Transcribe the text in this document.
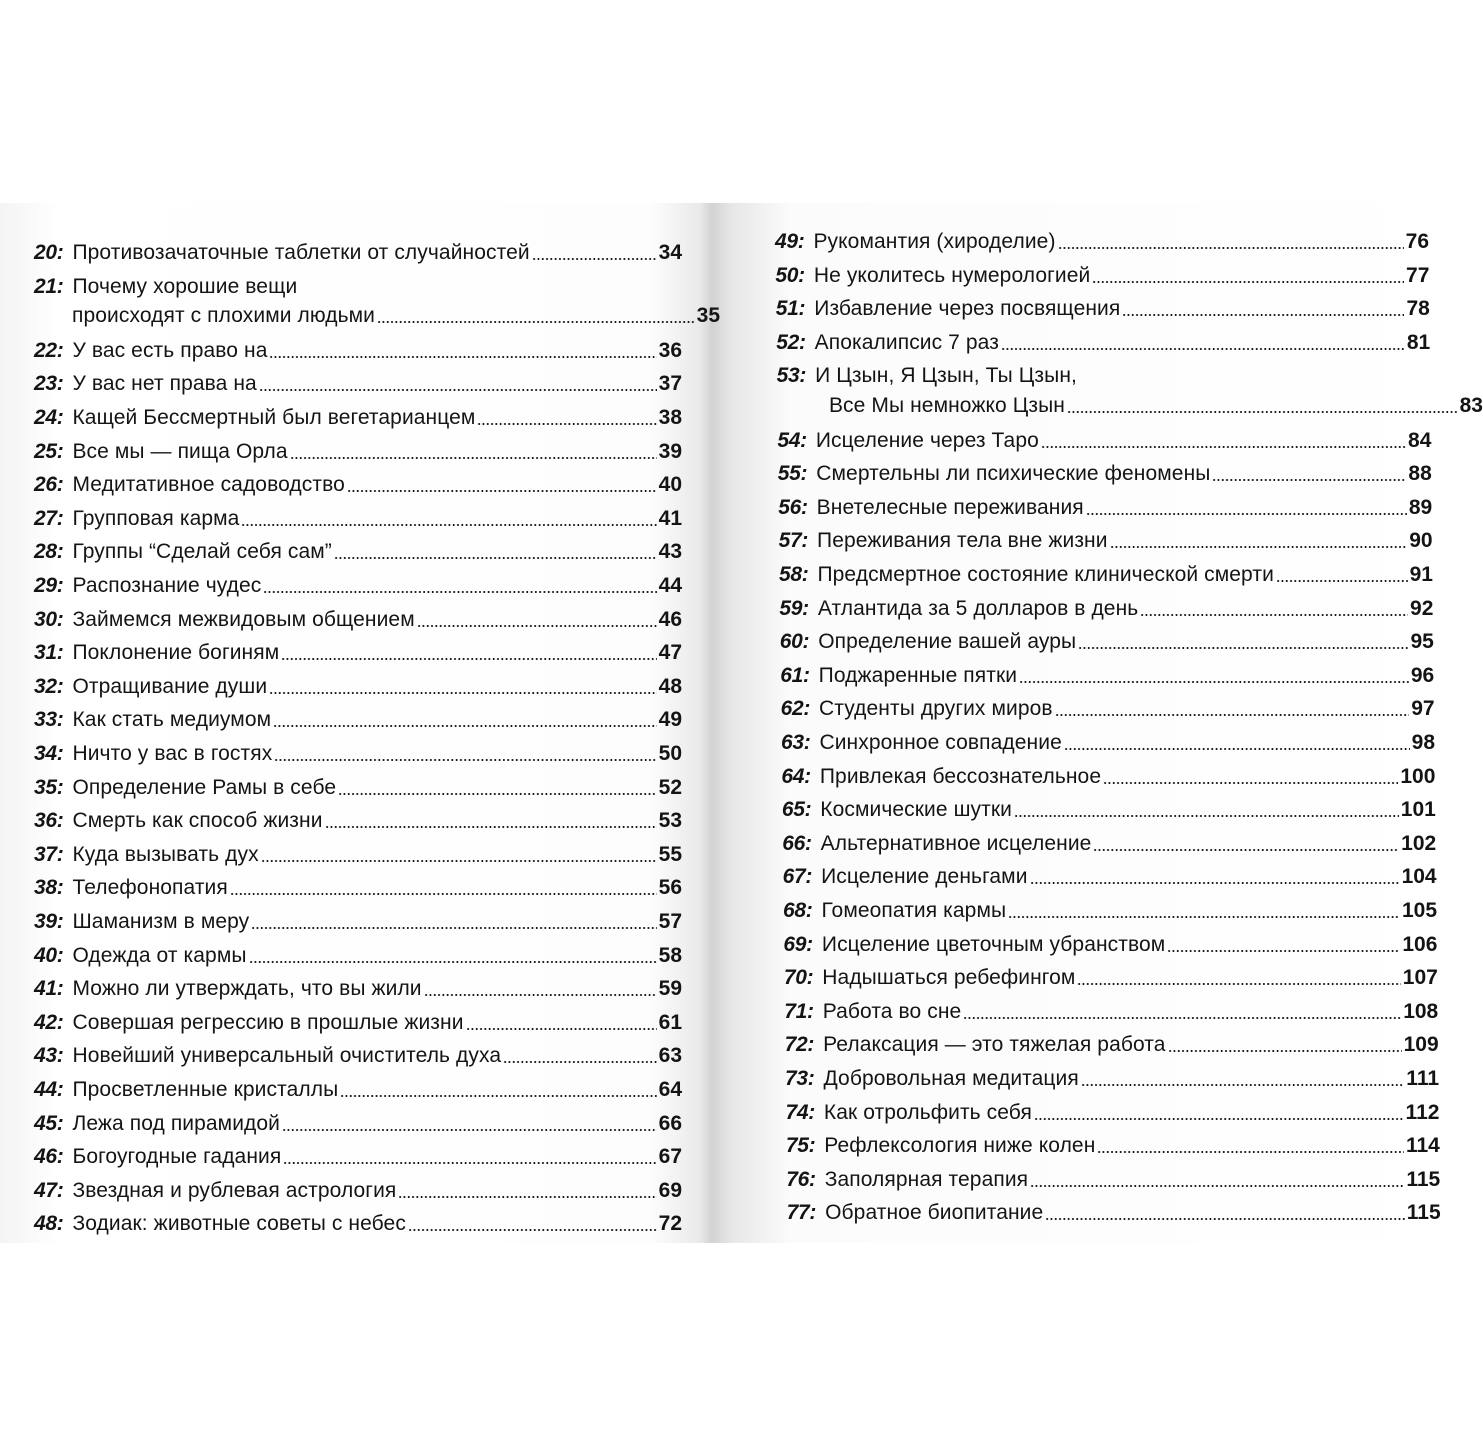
20: Противозачаточные таблетки от случайностей	34
21: Почему хорошие вещи
происходят с плохими людьми	35
22: У вас есть право на	36
23: У вас нет права на	37
24: Кащей Бессмертный был вегетарианцем	38
25: Все мы — пища Орла	39
26: Медитативное садоводство	40
27: Групповая карма	41
28: Группы “Сделай себя сам”	43
29: Распознание чудес	44
30: Займемся межвидовым общением	46
31: Поклонение богиням	47
32: Отращивание души	48
33: Как стать медиумом	49
34: Ничто у вас в гостях	50
35: Определение Рамы в себе	52
36: Смерть как способ жизни	53
37: Куда вызывать дух	55
38: Телефонопатия	56
39: Шаманизм в меру	57
40: Одежда от кармы	58
41: Можно ли утверждать, что вы жили	59
42: Совершая регрессию в прошлые жизни	61
43: Новейший универсальный очиститель духа	63
44: Просветленные кристаллы	64
45: Лежа под пирамидой	66
46: Богоугодные гадания	67
47: Звездная и рублевая астрология	69
48: Зодиак: животные советы с небес	72
49: Рукомантия (хироделие)	76
50: Не уколитесь нумерологией	77
51: Избавление через посвящения	78
52: Апокалипсис 7 раз	81
53: И Цзын, Я Цзын, Ты Цзын,
Все Мы немножко Цзын	83
54: Исцеление через Таро	84
55: Смертельны ли психические феномены	88
56: Внетелесные переживания	89
57: Переживания тела вне жизни	90
58: Предсмертное состояние клинической смерти	91
59: Атлантида за 5 долларов в день	92
60: Определение вашей ауры	95
61: Поджаренные пятки	96
62: Студенты других миров	97
63: Синхронное совпадение	98
64: Привлекая бессознательное	100
65: Космические шутки	101
66: Альтернативное исцеление	102
67: Исцеление деньгами	104
68: Гомеопатия кармы	105
69: Исцеление цветочным убранством	106
70: Надышаться ребефингом	107
71: Работа во сне	108
72: Релаксация — это тяжелая работа	109
73: Добровольная медитация	111
74: Как отрольфить себя	112
75: Рефлексология ниже колен	114
76: Заполярная терапия	115
77: Обратное биопитание	115
